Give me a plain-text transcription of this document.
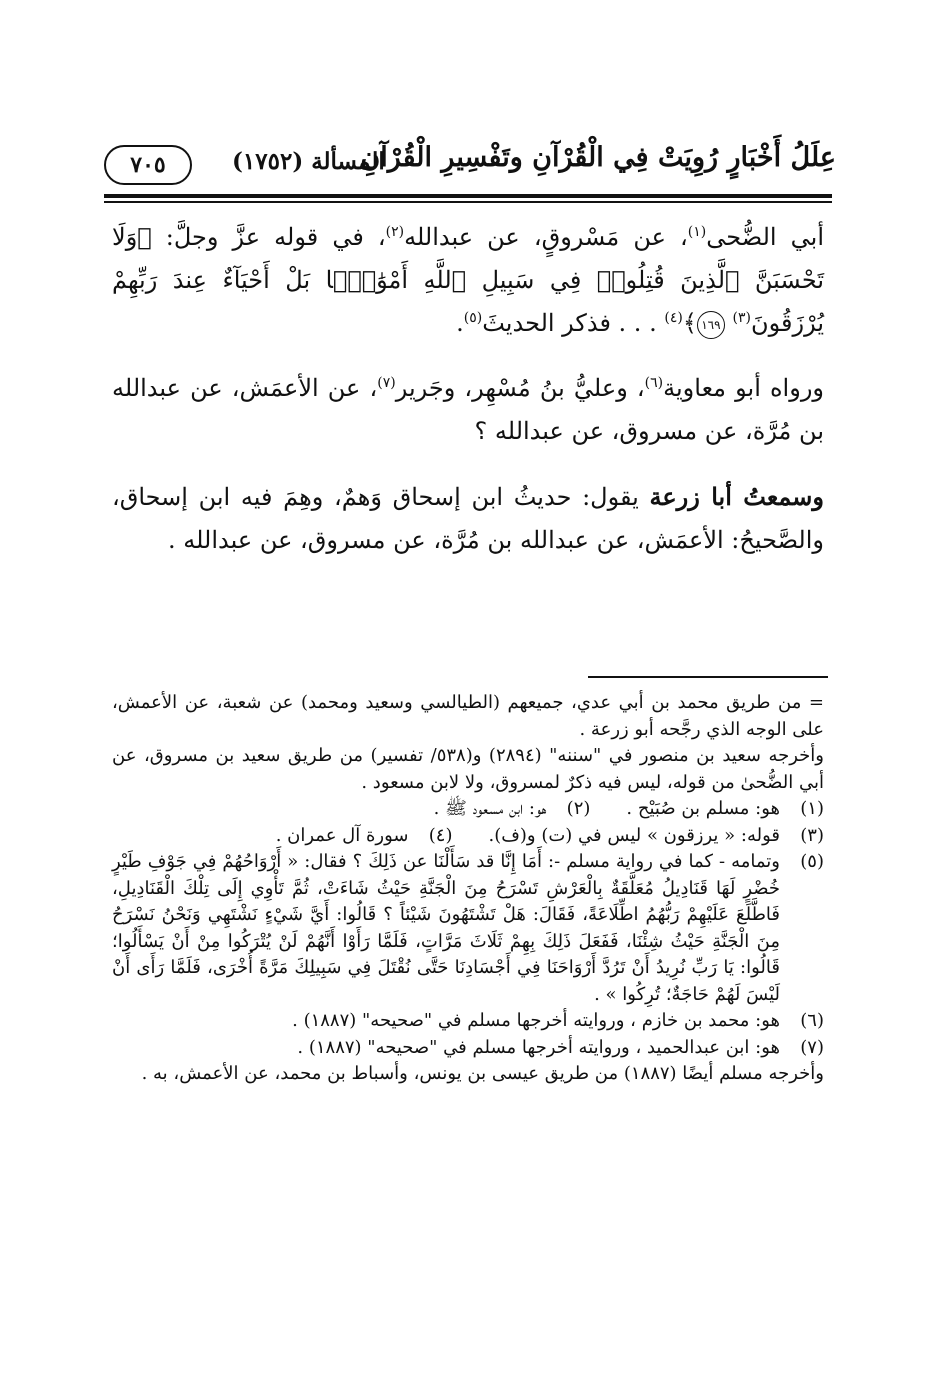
عِلَلُ أَخْبَارٍ رُوِيَتْ فِي الْقُرْآنِ وتَفْسِيرِ الْقُرْآنِ
المسألة (١٧٥٢)
٧٠٥

أبي الضُّحى$^{(١)}$، عن مَسْروقٍ، عن عبدالله$^{(٢)}$، في قوله عزَّ وجلَّ: ﴿وَلَا تَحْسَبَنَّ ٱلَّذِينَ قُتِلُوا۟ فِي سَبِيلِ ٱللَّهِ أَمْوَٰتًۢا بَلْ أَحْيَآءٌ عِندَ رَبِّهِمْ يُرْزَقُونَ$^{(٣)}$ ١٦٩﴾$^{(٤)}$ . . . فذكر الحديثَ$^{(٥)}$.

ورواه أبو معاوية$^{(٦)}$، وعليُّ بنُ مُسْهِر، وجَرير$^{(٧)}$، عن الأعمَش، عن عبدالله بن مُرَّة، عن مسروق، عن عبدالله ؟

وسمعتُ أبا زرعة يقول: حديثُ ابن إسحاق وَهمٌ، وهِمَ فيه ابن إسحاق، والصَّحيحُ: الأعمَش، عن عبدالله بن مُرَّة، عن مسروق، عن عبدالله .

= من طريق محمد بن أبي عدي، جميعهم (الطيالسي وسعيد ومحمد) عن شعبة، عن الأعمش، على الوجه الذي رجَّحه أبو زرعة .

وأخرجه سعيد بن منصور في "سننه" (٢٨٩٤) و(٥٣٨/ تفسير) من طريق سعيد بن مسروق، عن أبي الضُّحىٰ من قوله، ليس فيه ذكرٌ لمسروق، ولا لابن مسعود .

(١)
هو: مسلم بن صُبَيْح .
(٢)
هو: ابن مسعود ﷺ .
(٣)
قوله: « يرزقون » ليس في (ت) و(ف).
(٤)
سورة آل عمران .
(٥)
وتمامه - كما في رواية مسلم -: أَمَا إِنَّا قد سَأَلْنَا عن ذَلِكَ ؟ فقال: « أَرْوَاحُهُمْ فِي جَوْفِ طَيْرٍ خُضْرٍ لَهَا قَنَادِيلُ مُعَلَّقَةٌ بِالْعَرْشِ تَسْرَحُ مِنَ الْجَنَّةِ حَيْثُ شَاءَتْ، ثُمَّ تَأْوِي إِلَى تِلْكَ الْقَنَادِيلِ، فَاطَّلَعَ عَلَيْهِمْ رَبُّهُمُ اطِّلَاعَةً، فَقَالَ: هَلْ تَشْتَهُونَ شَيْئاً ؟ قَالُوا: أَيَّ شَيْءٍ نَشْتَهِي وَنَحْنُ نَسْرَحُ مِنَ الْجَنَّةِ حَيْثُ شِئْنَا، فَفَعَلَ ذَلِكَ بِهِمْ ثَلَاثَ مَرَّاتٍ، فَلَمَّا رَأَوْا أَنَّهُمْ لَنْ يُتْرَكُوا مِنْ أَنْ يَسْأَلُوا؛ قَالُوا: يَا رَبِّ نُرِيدُ أَنْ تَرُدَّ أَرْوَاحَنَا فِي أَجْسَادِنَا حَتَّى نُقْتَلَ فِي سَبِيلِكَ مَرَّةً أُخْرَى، فَلَمَّا رَأَى أَنْ لَيْسَ لَهُمْ حَاجَةٌ؛ تُرِكُوا » .
(٦)
هو: محمد بن خازم ، وروايته أخرجها مسلم في "صحيحه" (١٨٨٧) .
(٧)
هو: ابن عبدالحميد ، وروايته أخرجها مسلم في "صحيحه" (١٨٨٧) .

وأخرجه مسلم أيضًا (١٨٨٧) من طريق عيسى بن يونس، وأسباط بن محمد، عن الأعمش، به .
